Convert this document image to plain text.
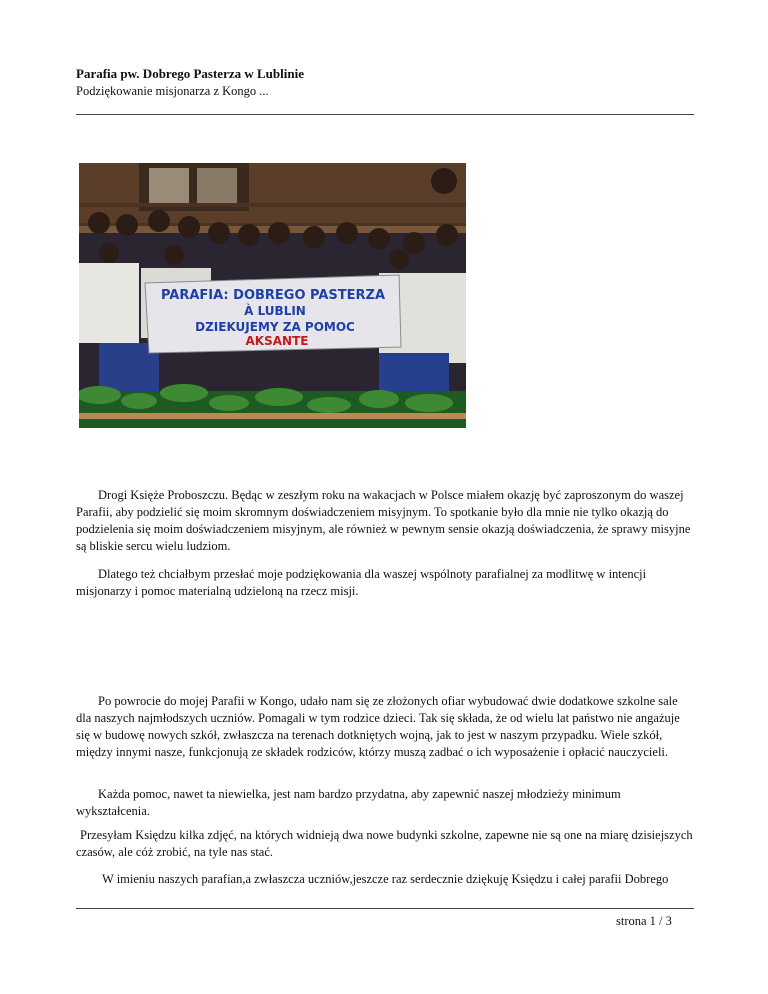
Parafia pw. Dobrego Pasterza w Lublinie
Podziękowanie misjonarza z Kongo ...
PARAFIA: DOBREGO PASTERZA
À LUBLIN
DZIEKUJEMY ZA POMOC
AKSANTE

Drogi Księże Proboszczu. Będąc w zeszłym roku na wakacjach w Polsce miałem okazję być zaproszonym do waszej Parafii, aby podzielić się moim skromnym doświadczeniem misyjnym. To spotkanie było dla mnie nie tylko okazją do podzielenia się moim doświadczeniem misyjnym, ale również w pewnym sensie okazją doświadczenia, że sprawy misyjne są bliskie sercu wielu ludziom.

Dlatego też chciałbym przesłać moje podziękowania dla waszej wspólnoty parafialnej za modlitwę w intencji misjonarzy i pomoc materialną udzieloną na rzecz misji.

Po powrocie do mojej Parafii w Kongo, udało nam się ze złożonych ofiar wybudować dwie dodatkowe szkolne sale dla naszych najmłodszych uczniów. Pomagali w tym rodzice dzieci. Tak się składa, że od wielu lat państwo nie angażuje się w budowę nowych szkół, zwłaszcza na terenach dotkniętych wojną, jak to jest w naszym przypadku. Wiele szkół, między innymi nasze, funkcjonują ze składek rodziców, którzy muszą zadbać o ich wyposażenie i opłacić nauczycieli.

Każda pomoc, nawet ta niewielka, jest nam bardzo przydatna, aby zapewnić naszej młodzieży minimum wykształcenia.

Przesyłam Księdzu kilka zdjęć, na których widnieją dwa nowe budynki szkolne, zapewne nie są one na miarę dzisiejszych czasów, ale cóż zrobić, na tyle nas stać.

W imieniu naszych parafian,a zwłaszcza uczniów,jeszcze raz serdecznie dziękuję Księdzu i całej parafii Dobrego

strona 1 / 3
